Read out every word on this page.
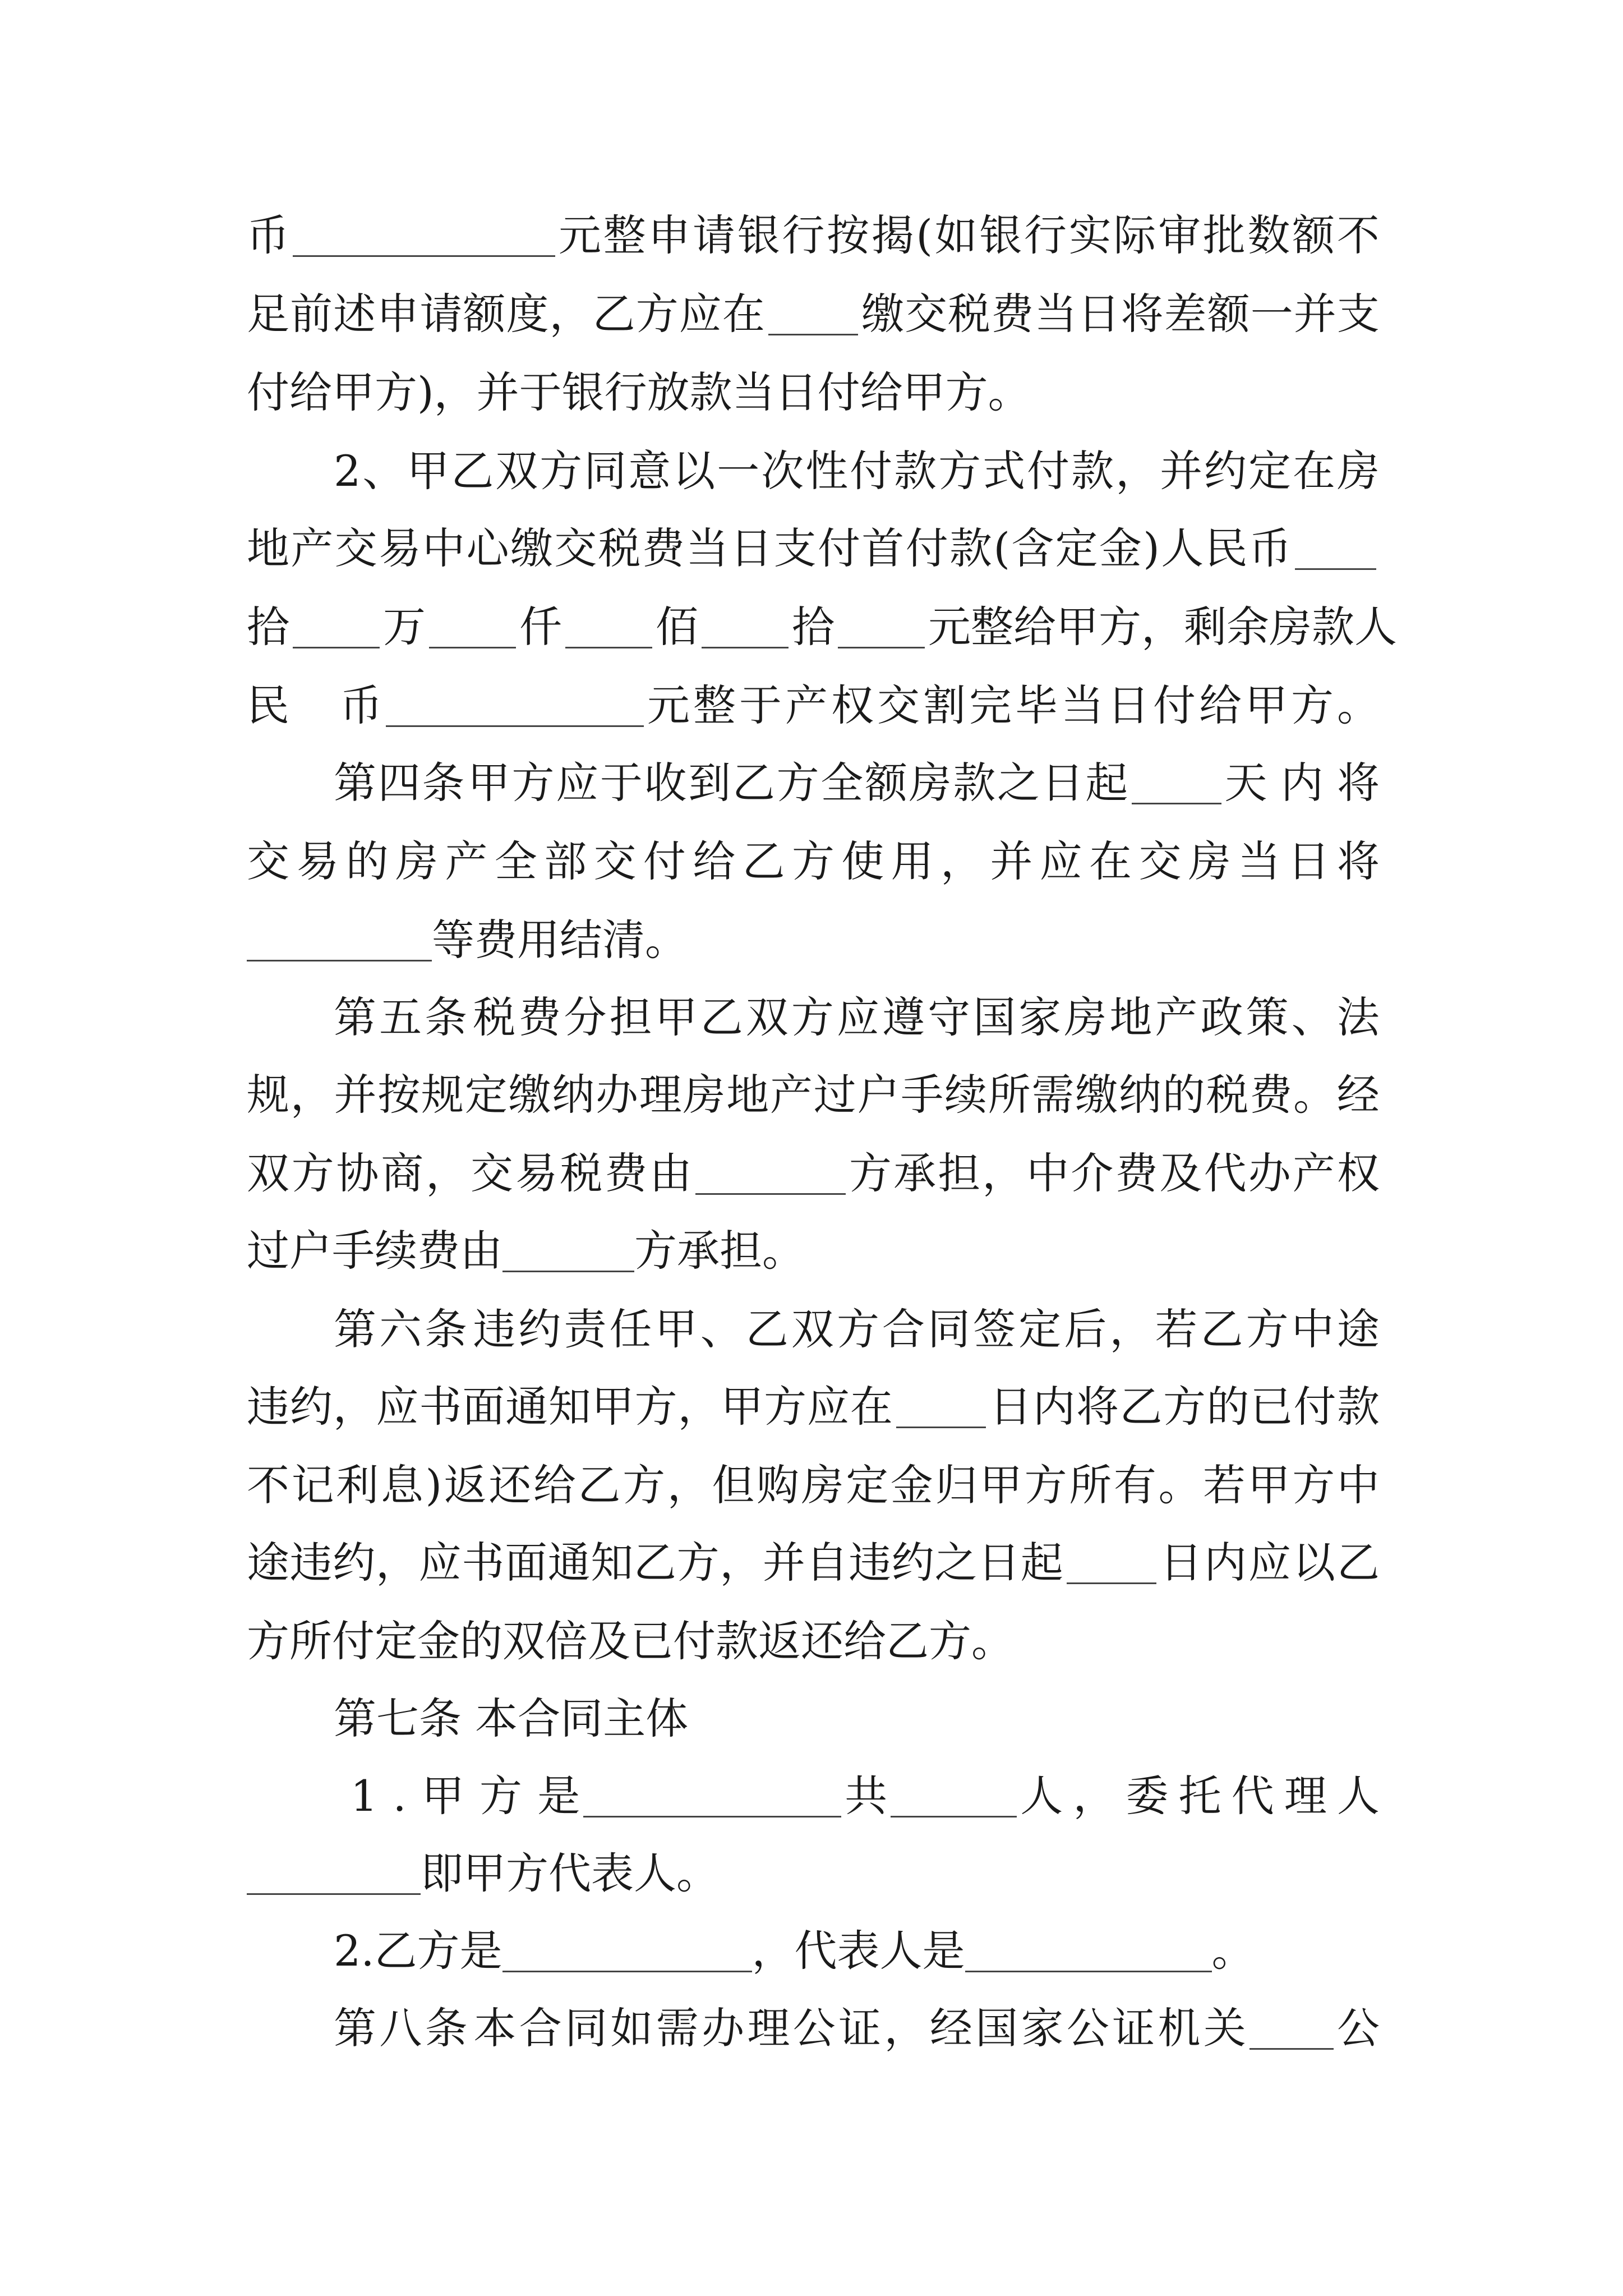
币	元 整 申 请 银 行 按 揭 ( 如 银 行 实 际 审 批 数 额 不
足 前 述 申 请 额 度 ， 乙 方 应 在 缴 交 税 费 当 日 将 差 额 一 并 支
付给甲方)，并于银行放款当日付给甲方。
2 、 甲 乙 双 方 同 意 以 一 次 性 付 款 方 式 付 款 ， 并 约 定 在 房
地 产 交 易 中 心 缴 交 税 费 当 日 支 付 首 付 款 ( 含 定 金 ) 人 民 币
拾 万 仟 佰 拾 元 整 给 甲 方 ， 剩 余 房 款 人
民 币	元 整 于 产 权 交 割 完 毕 当 日 付 给 甲 方 。
第 四 条 甲 方 应 于 收 到 乙 方 全 额 房 款 之 日 起 天 内 将
交 易 的 房 产 全 部 交 付 给 乙 方 使 用 ， 并 应 在 交 房 当 日 将
等费用结清。
第 五 条 税 费 分 担 甲 乙 双 方 应 遵 守 国 家 房 地 产 政 策 、 法
规 ， 并 按 规 定 缴 纳 办 理 房 地 产 过 户 手 续 所 需 缴 纳 的 税 费 。 经
双 方 协 商 ， 交 易 税 费 由	方 承 担 ， 中 介 费 及 代 办 产 权
过户手续费由	方承担。
第 六 条 违 约 责 任 甲 、 乙 双 方 合 同 签 定 后 ， 若 乙 方 中 途
违 约 ， 应 书 面 通 知 甲 方 ， 甲 方 应 在 日 内 将 乙 方 的 已 付 款
不 记 利 息 ) 返 还 给 乙 方 ， 但 购 房 定 金 归 甲 方 所 有 。 若 甲 方 中
途 违 约 ， 应 书 面 通 知 乙 方 ， 并 自 违 约 之 日 起 日 内 应 以 乙
方所付定金的双倍及已付款返还给乙方。
第七条 本合同主体
1 . 甲 方 是	共	人 ， 委 托 代 理 人
即甲方代表人。
2.乙方是	，代表人是	。
第 八 条 本 合 同 如 需 办 理 公 证 ， 经 国 家 公 证 机 关 公
